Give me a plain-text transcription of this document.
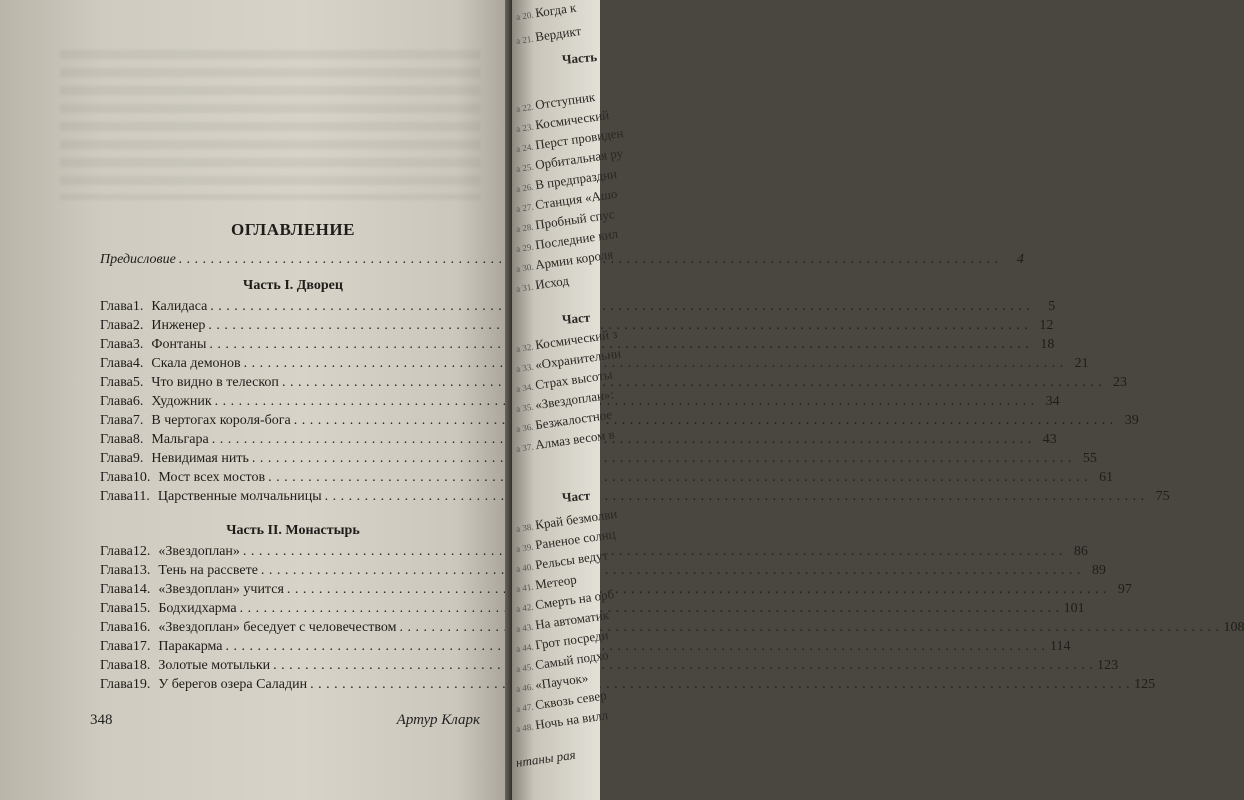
ОГЛАВЛЕНИЕ
Предисловие . . .	4
Часть I. Дворец
Глава 1. Калидаса . . .	5
Глава 2. Инженер . . .	12
Глава 3. Фонтаны . . .	18
Глава 4. Скала демонов . . .	21
Глава 5. Что видно в телескоп . . .	23
Глава 6. Художник . . .	34
Глава 7. В чертогах короля-бога . . .	39
Глава 8. Мальгара . . .	43
Глава 9. Невидимая нить . . .	55
Глава 10. Мост всех мостов . . .	61
Глава 11. Царственные молчальницы . . .	75
Часть II. Монастырь
Глава 12. «Звездоплан» . . .	86
Глава 13. Тень на рассвете . . .	89
Глава 14. «Звездоплан» учится . . .	97
Глава 15. Бодхидхарма . . .	101
Глава 16. «Звездоплан» беседует с человечеством . . .	108
Глава 17. Паракарма . . .	114
Глава 18. Золотые мотыльки . . .	123
Глава 19. У берегов озера Саладин . . .	125
348	Артур Кларк
а 20.Когда к
а 21.Вердикт
Часть
а 22.Отступник
а 23.Космический
а 24.Перст провиден
а 25.Орбитальная ру
а 26.В предпраздни
а 27.Станция «Ашо
а 28.Пробный спус
а 29.Последние кил
а 30.Армии короля
а 31.Исход
Част
а 32.Космический з
а 33.«Охранительни
а 34.Страх высоты
а 35.«Звездоплан»:
а 36.Безжалостное
а 37.Алмаз весом в
Част
а 38.Край безмолви
а 39.Раненое солнц
а 40.Рельсы ведут
а 41.Метеор
а 42.Смерть на орб
а 43.На автоматик
а 44.Грот посреди
а 45.Самый подхо
а 46.«Паучок»
а 47.Сквозь север
а 48.Ночь на вилл
нтаны рая
